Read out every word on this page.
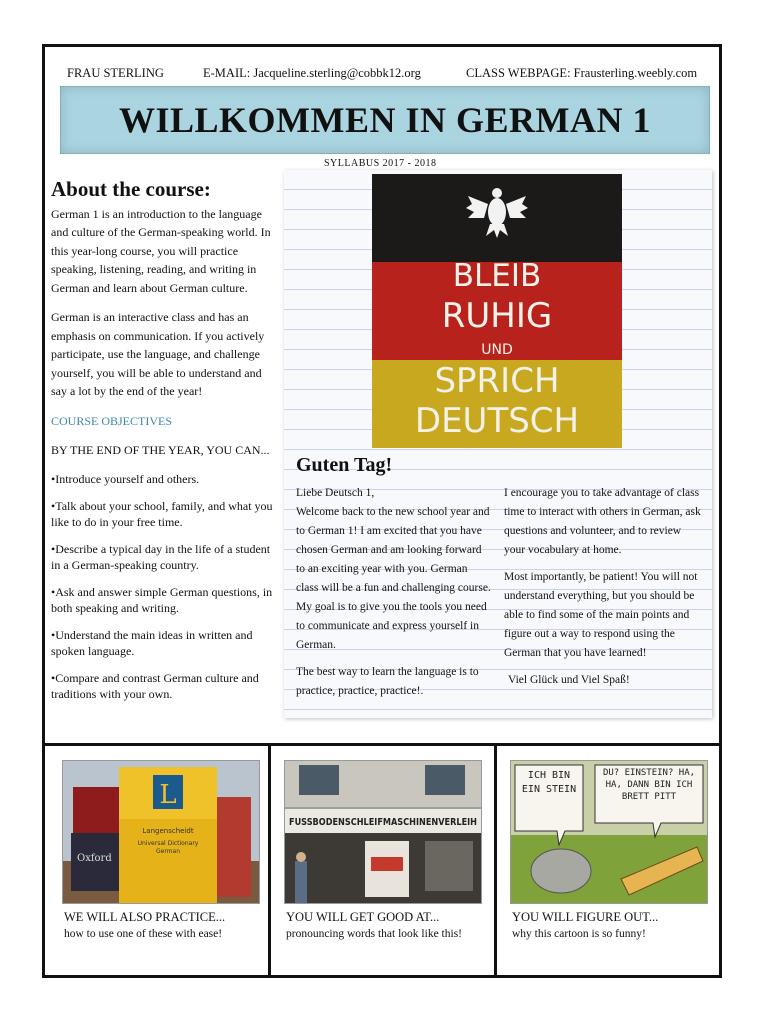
FRAU STERLING	E-MAIL: Jacqueline.sterling@cobbk12.org	CLASS WEBPAGE: Frausterling.weebly.com
WILLKOMMEN IN GERMAN 1
SYLLABUS 2017 - 2018
About the course:

German 1 is an introduction to the language and culture of the German-speaking world. In this year-long course, you will practice speaking, listening, reading, and writing in German and learn about German culture.

German is an interactive class and has an emphasis on communication. If you actively participate, use the language, and challenge yourself, you will be able to understand and say a lot by the end of the year!

COURSE OBJECTIVES

BY THE END OF THE YEAR, YOU CAN...

•Introduce yourself and others.

•Talk about your school, family, and what you like to do in your free time.

•Describe a typical day in the life of a student in a German-speaking country.

•Ask and answer simple German questions, in both speaking and writing.

•Understand the main ideas in written and spoken language.

•Compare and contrast German culture and traditions with your own.

BLEIB
RUHIG
UND
SPRICH
DEUTSCH
Guten Tag!

Liebe Deutsch 1,
Welcome back to the new school year and to German 1! I am excited that you have chosen German and am looking forward to an exciting year with you. German class will be a fun and challenging course. My goal is to give you the tools you need to communicate and express yourself in German.

The best way to learn the language is to practice, practice, practice!.

I encourage you to take advantage of class time to interact with others in German, ask questions and volunteer, and to review your vocabulary at home.

Most importantly, be patient! You will not understand everything, but you should be able to find some of the main points and figure out a way to respond using the German that you have learned!

Viel Glück und Viel Spaß!

Oxford
L
Langenscheidt
Universal Dictionary
German
WE WILL ALSO PRACTICE...
how to use one of these with ease!
FUSSBODENSCHLEIFMASCHINENVERLEIH
YOU WILL GET GOOD AT...
pronouncing words that look like this!
ICH BIN EIN STEIN
DU? EINSTEIN? HA, HA, DANN BIN ICH BRETT PITT
YOU WILL FIGURE OUT...
why this cartoon is so funny!
